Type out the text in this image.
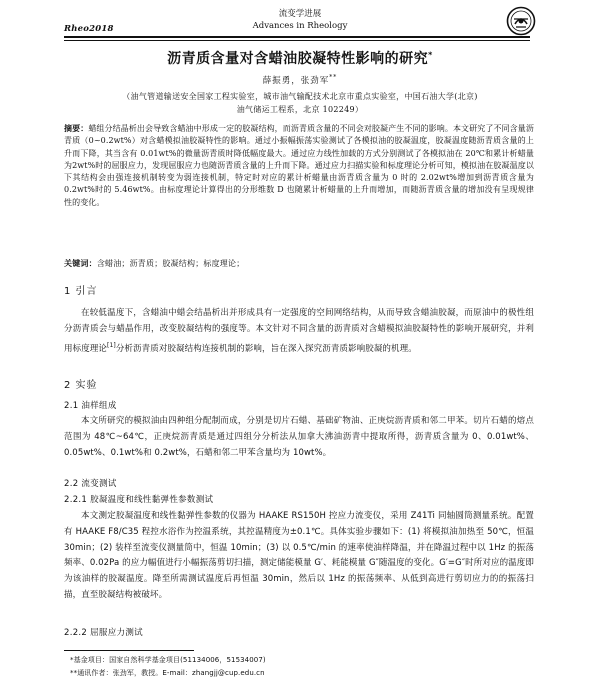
Rheo2018
流变学进展
Advances in Rheology
沥青质含量对含蜡油胶凝特性影响的研究*
薛振勇，张劲军**
（油气管道输送安全国家工程实验室，城市油气输配技术北京市重点实验室，中国石油大学(北京)
油气储运工程系，北京 102249）
摘要：蜡组分结晶析出会导致含蜡油中形成一定的胶凝结构，而沥青质含量的不同会对胶凝产生不同的影响。本文研究了不同含量沥青质（0~0.2wt%）对含蜡模拟油胶凝特性的影响。通过小振幅振荡实验测试了各模拟油的胶凝温度，胶凝温度随沥青质含量的上升而下降，其当含有 0.01wt%的微量沥青质时降低幅度最大。通过应力线性加载的方式分别测试了各模拟油在 20℃和累计析蜡量为2wt%时的屈服应力，发现屈服应力也随沥青质含量的上升而下降。通过应力扫描实验和标度理论分析可知，模拟油在胶凝温度以下其结构会由强连接机制转变为弱连接机制，特定时对应的累计析蜡量由沥青质含量为 0 时的 2.02wt%增加到沥青质含量为 0.2wt%时的 5.46wt%。由标度理论计算得出的分形维数 D 也随累计析蜡量的上升而增加，而随沥青质含量的增加没有呈现规律性的变化。
关键词：含蜡油；沥青质；胶凝结构；标度理论；
1 引言
在较低温度下，含蜡油中蜡会结晶析出并形成具有一定强度的空间网络结构，从而导致含蜡油胶凝，而原油中的极性组分沥青质会与蜡晶作用，改变胶凝结构的强度等。本文针对不同含量的沥青质对含蜡模拟油胶凝特性的影响开展研究，并利用标度理论[1]分析沥青质对胶凝结构连接机制的影响，旨在深入探究沥青质影响胶凝的机理。
2 实验
2.1 油样组成
本文所研究的模拟油由四种组分配制而成，分别是切片石蜡、基础矿物油、正庚烷沥青质和邻二甲苯。切片石蜡的熔点范围为 48℃~64℃，正庚烷沥青质是通过四组分分析法从加拿大沸油沥青中提取所得，沥青质含量为 0、0.01wt%、0.05wt%、0.1wt%和 0.2wt%，石蜡和邻二甲苯含量均为 10wt%。
2.2 流变测试
2.2.1 胶凝温度和线性黏弹性参数测试
本文测定胶凝温度和线性黏弹性参数的仪器为 HAAKE RS150H 控应力流变仪，采用 Z41Ti 同轴圆筒测量系统。配置有 HAAKE F8/C35 程控水浴作为控温系统，其控温精度为±0.1℃。具体实验步骤如下：(1) 将模拟油加热至 50℃，恒温 30min；(2) 装样至流变仪测量筒中，恒温 10min；(3) 以 0.5℃/min 的速率使油样降温，并在降温过程中以 1Hz 的振荡频率、0.02Pa 的应力幅值进行小幅振荡剪切扫描，测定储能模量 G′、耗能模量 G″随温度的变化。G′=G″时所对应的温度即为该油样的胶凝温度。降至所需测试温度后再恒温 30min，然后以 1Hz 的振荡频率、从低到高进行剪切应力的的振荡扫描，直至胶凝结构被破坏。
2.2.2 屈服应力测试
*基金项目：国家自然科学基金项目(51134006，51534007)
**通讯作者：张劲军，教授。E-mail：zhangjj@cup.edu.cn
